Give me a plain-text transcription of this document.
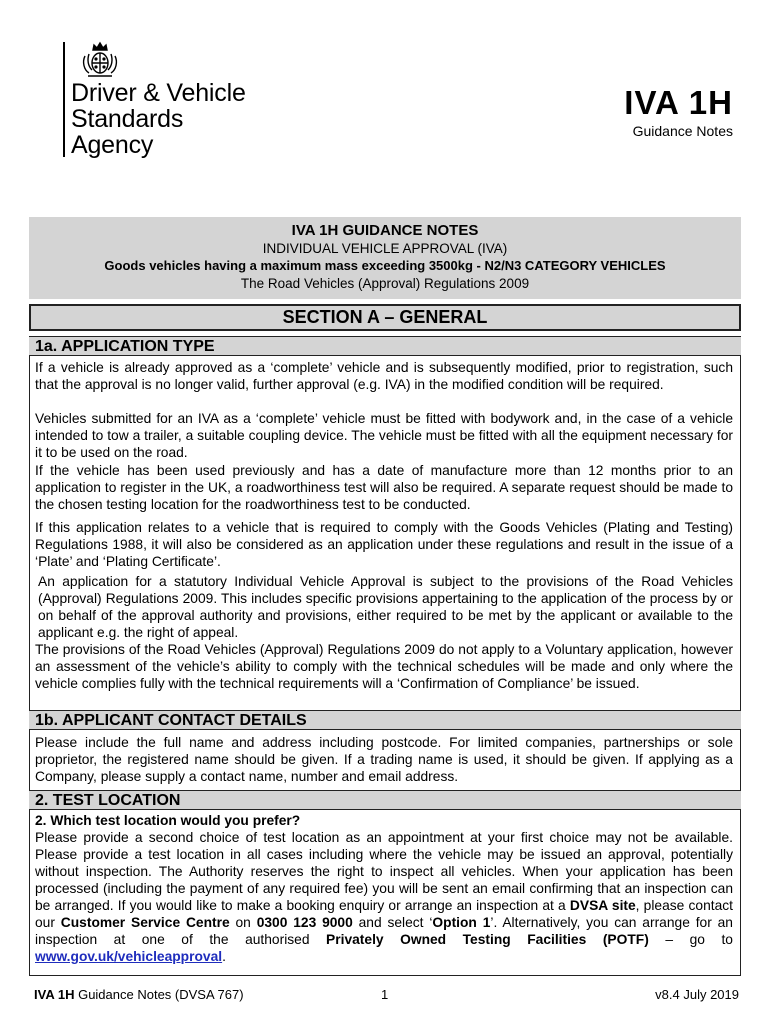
Driver & Vehicle
Standards
Agency
IVA 1H
Guidance Notes
IVA 1H GUIDANCE NOTES
INDIVIDUAL VEHICLE APPROVAL (IVA)
Goods vehicles having a maximum mass exceeding 3500kg - N2/N3 CATEGORY VEHICLES
The Road Vehicles (Approval) Regulations 2009
SECTION A – GENERAL
1a. APPLICATION TYPE
If a vehicle is already approved as a ‘complete’ vehicle and is subsequently modified, prior to registration, such that the approval is no longer valid, further approval (e.g. IVA) in the modified condition will be required.
Vehicles submitted for an IVA as a ‘complete’ vehicle must be fitted with bodywork and, in the case of a vehicle intended to tow a trailer, a suitable coupling device. The vehicle must be fitted with all the equipment necessary for it to be used on the road.
If the vehicle has been used previously and has a date of manufacture more than 12 months prior to an application to register in the UK, a roadworthiness test will also be required. A separate request should be made to the chosen testing location for the roadworthiness test to be conducted.
If this application relates to a vehicle that is required to comply with the Goods Vehicles (Plating and Testing) Regulations 1988, it will also be considered as an application under these regulations and result in the issue of a ‘Plate’ and ‘Plating Certificate’.
An application for a statutory Individual Vehicle Approval is subject to the provisions of the Road Vehicles (Approval) Regulations 2009. This includes specific provisions appertaining to the application of the process by or on behalf of the approval authority and provisions, either required to be met by the applicant or available to the applicant e.g. the right of appeal.
The provisions of the Road Vehicles (Approval) Regulations 2009 do not apply to a Voluntary application, however an assessment of the vehicle’s ability to comply with the technical schedules will be made and only where the vehicle complies fully with the technical requirements will a ‘Confirmation of Compliance’ be issued.
1b. APPLICANT CONTACT DETAILS
Please include the full name and address including postcode. For limited companies, partnerships or sole proprietor, the registered name should be given. If a trading name is used, it should be given. If applying as a Company, please supply a contact name, number and email address.
2. TEST LOCATION
2. Which test location would you prefer?
Please provide a second choice of test location as an appointment at your first choice may not be available. Please provide a test location in all cases including where the vehicle may be issued an approval, potentially without inspection. The Authority reserves the right to inspect all vehicles. When your application has been processed (including the payment of any required fee) you will be sent an email confirming that an inspection can be arranged. If you would like to make a booking enquiry or arrange an inspection at a DVSA site, please contact our Customer Service Centre on 0300 123 9000 and select ‘Option 1’. Alternatively, you can arrange for an inspection at one of the authorised Privately Owned Testing Facilities (POTF) – go to www.gov.uk/vehicleapproval.
IVA 1H Guidance Notes (DVSA 767)	1	v8.4 July 2019
